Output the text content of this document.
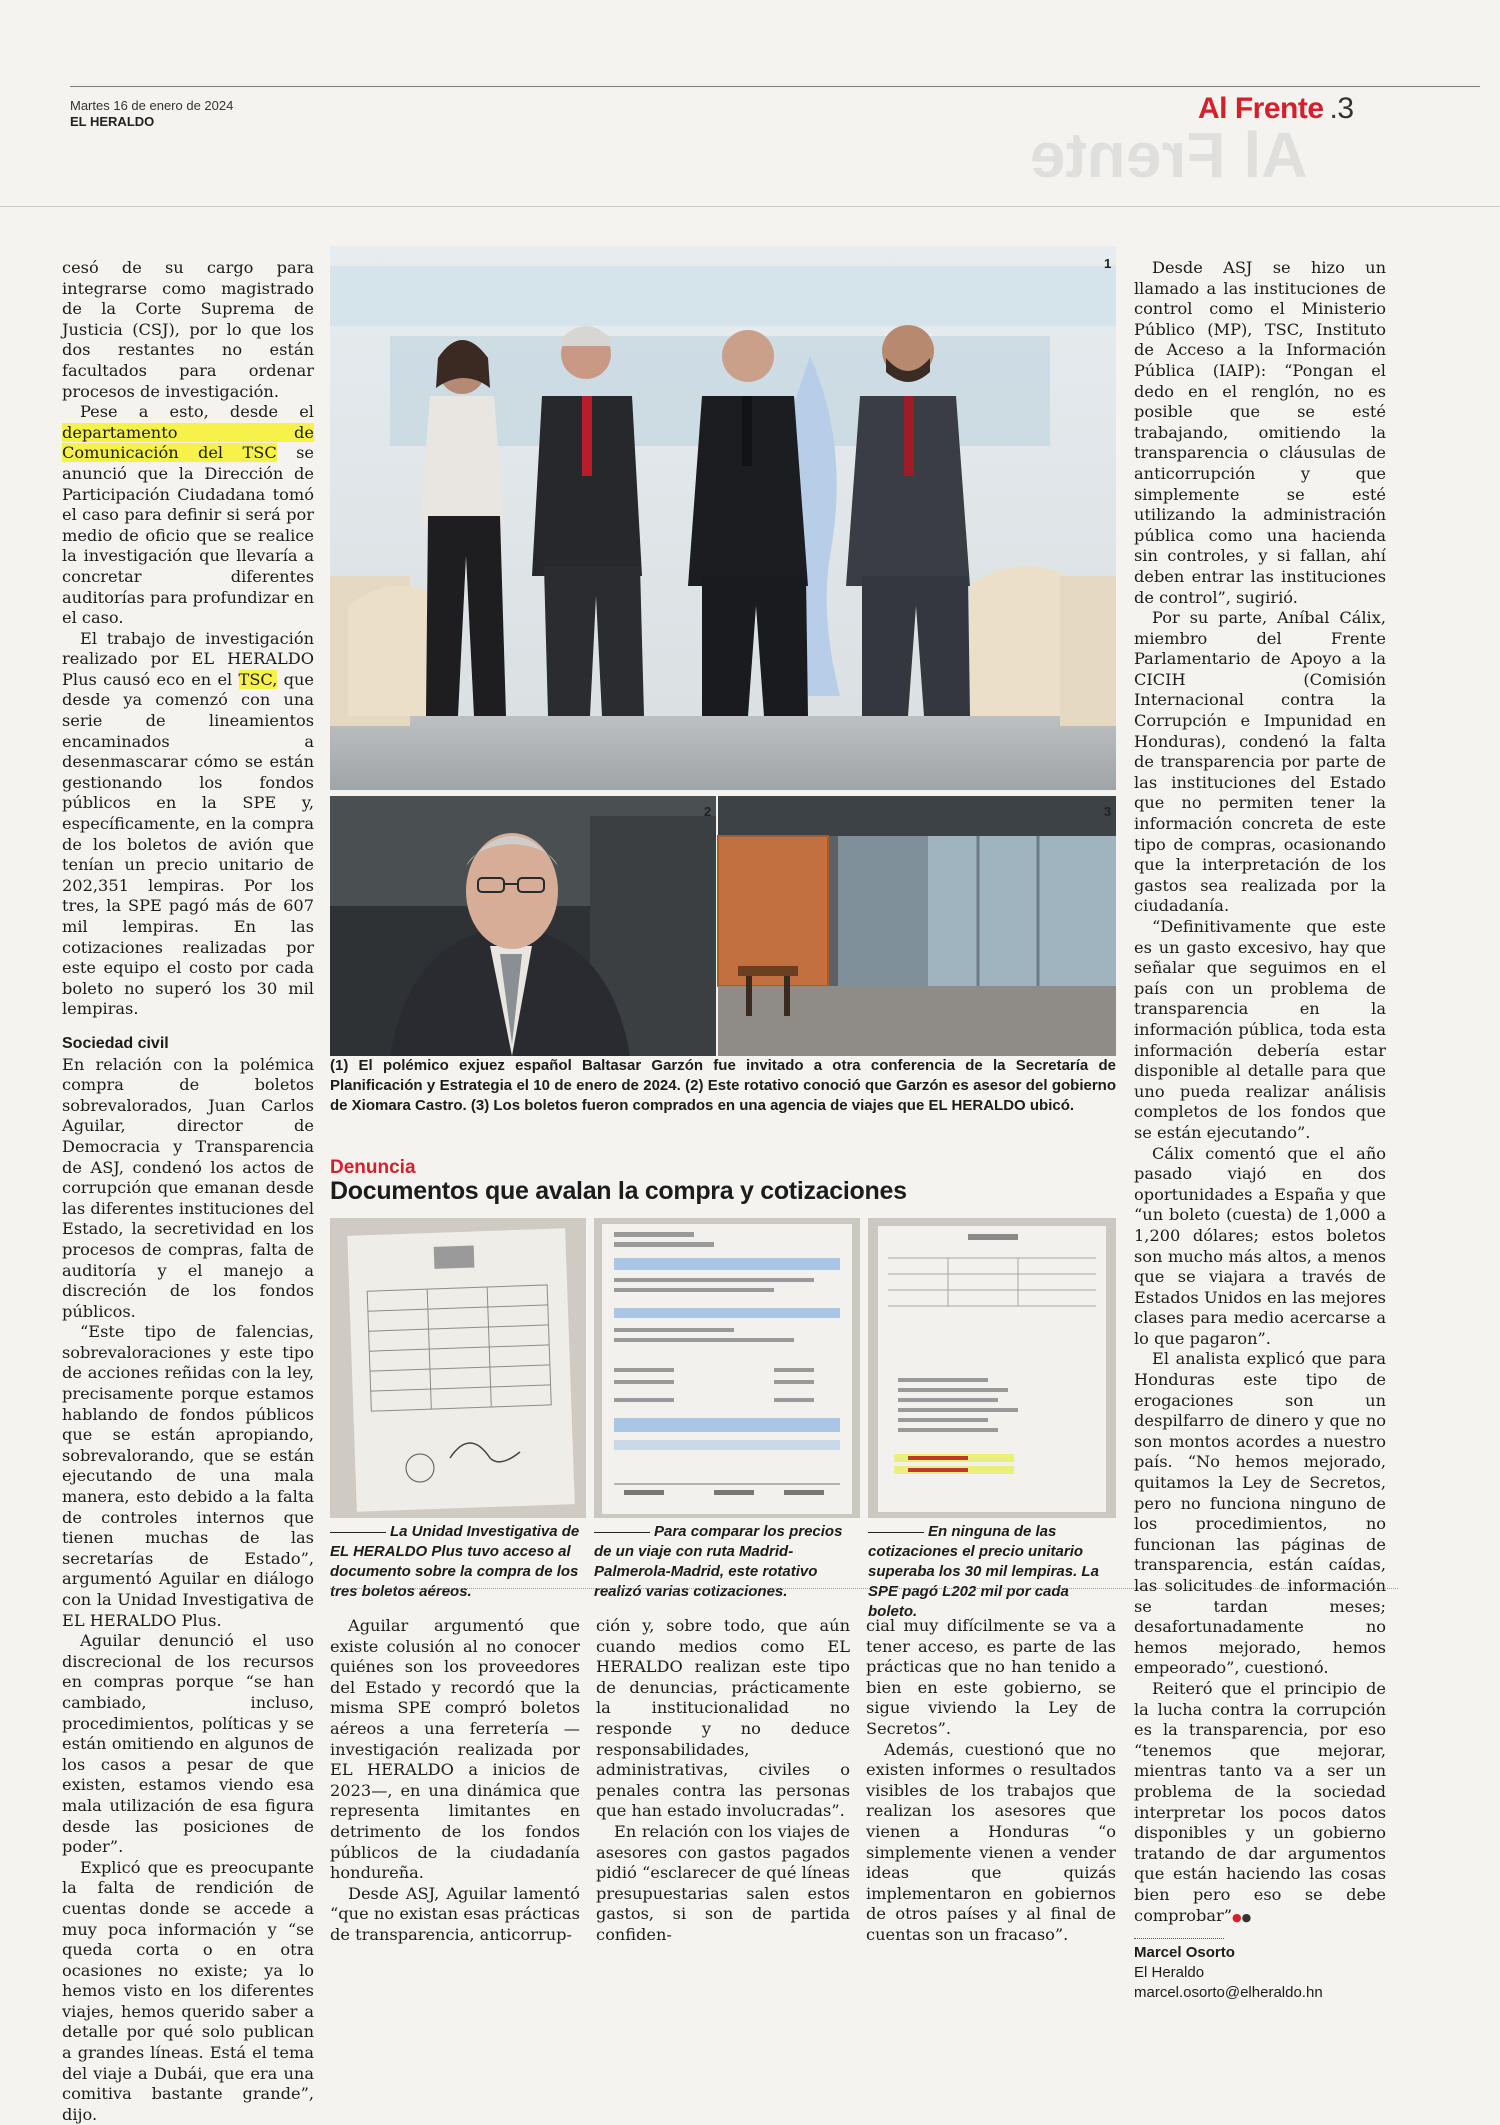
Martes 16 de enero de 2024
EL HERALDO	Al Frente
Al Frente .3

cesó de su cargo para integrarse como magistrado de la Corte Suprema de Justicia (CSJ), por lo que los dos restantes no están facultados para ordenar procesos de investigación.

Pese a esto, desde el departamento de Comunicación del TSC se anunció que la Dirección de Participación Ciudadana tomó el caso para definir si será por medio de oficio que se realice la investigación que llevaría a concretar diferentes auditorías para profundizar en el caso.

El trabajo de investigación realizado por EL HERALDO Plus causó eco en el TSC, que desde ya comenzó con una serie de lineamientos encaminados a desenmascarar cómo se están gestionando los fondos públicos en la SPE y, específicamente, en la compra de los boletos de avión que tenían un precio unitario de 202,351 lempiras. Por los tres, la SPE pagó más de 607 mil lempiras. En las cotizaciones realizadas por este equipo el costo por cada boleto no superó los 30 mil lempiras.

Sociedad civil

En relación con la polémica compra de boletos sobrevalorados, Juan Carlos Aguilar, director de Democracia y Transparencia de ASJ, condenó los actos de corrupción que emanan desde las diferentes instituciones del Estado, la secretividad en los procesos de compras, falta de auditoría y el manejo a discreción de los fondos públicos.

“Este tipo de falencias, sobrevaloraciones y este tipo de acciones reñidas con la ley, precisamente porque estamos hablando de fondos públicos que se están apropiando, sobrevalorando, que se están ejecutando de una mala manera, esto debido a la falta de controles internos que tienen muchas de las secretarías de Estado”, argumentó Aguilar en diálogo con la Unidad Investigativa de EL HERALDO Plus.

Aguilar denunció el uso discrecional de los recursos en compras porque “se han cambiado, incluso, procedimientos, políticas y se están omitiendo en algunos de los casos a pesar de que existen, estamos viendo esa mala utilización de esa figura desde las posiciones de poder”.

Explicó que es preocupante la falta de rendición de cuentas donde se accede a muy poca información y “se queda corta o en otra ocasiones no existe; ya lo hemos visto en los diferentes viajes, hemos querido saber a detalle por qué solo publican a grandes líneas. Está el tema del viaje a Dubái, que era una comitiva bastante grande”, dijo.

1
2	3
(1) El polémico exjuez español Baltasar Garzón fue invitado a otra conferencia de la Secretaría de Planificación y Estrategia el 10 de enero de 2024. (2) Este rotativo conoció que Garzón es asesor del gobierno de Xiomara Castro. (3) Los boletos fueron comprados en una agencia de viajes que EL HERALDO ubicó.
Denuncia
Documentos que avalan la compra y cotizaciones
La Unidad Investigativa de EL HERALDO Plus tuvo acceso al documento sobre la compra de los tres boletos aéreos.
Para comparar los precios de un viaje con ruta Madrid-Palmerola-Madrid, este rotativo realizó varias cotizaciones.
En ninguna de las cotizaciones el precio unitario superaba los 30 mil lempiras. La SPE pagó L202 mil por cada boleto.

Aguilar argumentó que existe colusión al no conocer quiénes son los proveedores del Estado y recordó que la misma SPE compró boletos aéreos a una ferretería —investigación realizada por EL HERALDO a inicios de 2023—, en una dinámica que representa limitantes en detrimento de los fondos públicos de la ciudadanía hondureña.

Desde ASJ, Aguilar lamentó “que no existan esas prácticas de transparencia, anticorrup-

ción y, sobre todo, que aún cuando medios como EL HERALDO realizan este tipo de denuncias, prácticamente la institucionalidad no responde y no deduce responsabilidades, administrativas, civiles o penales contra las personas que han estado involucradas”.

En relación con los viajes de asesores con gastos pagados pidió “esclarecer de qué líneas presupuestarias salen estos gastos, si son de partida confiden-

cial muy difícilmente se va a tener acceso, es parte de las prácticas que no han tenido a bien en este gobierno, se sigue viviendo la Ley de Secretos”.

Además, cuestionó que no existen informes o resultados visibles de los trabajos que realizan los asesores que vienen a Honduras “o simplemente vienen a vender ideas que quizás implementaron en gobiernos de otros países y al final de cuentas son un fracaso”.

Desde ASJ se hizo un llamado a las instituciones de control como el Ministerio Público (MP), TSC, Instituto de Acceso a la Información Pública (IAIP): “Pongan el dedo en el renglón, no es posible que se esté trabajando, omitiendo la transparencia o cláusulas de anticorrupción y que simplemente se esté utilizando la administración pública como una hacienda sin controles, y si fallan, ahí deben entrar las instituciones de control”, sugirió.

Por su parte, Aníbal Cálix, miembro del Frente Parlamentario de Apoyo a la CICIH (Comisión Internacional contra la Corrupción e Impunidad en Honduras), condenó la falta de transparencia por parte de las instituciones del Estado que no permiten tener la información concreta de este tipo de compras, ocasionando que la interpretación de los gastos sea realizada por la ciudadanía.

“Definitivamente que este es un gasto excesivo, hay que señalar que seguimos en el país con un problema de transparencia en la información pública, toda esta información debería estar disponible al detalle para que uno pueda realizar análisis completos de los fondos que se están ejecutando”.

Cálix comentó que el año pasado viajó en dos oportunidades a España y que “un boleto (cuesta) de 1,000 a 1,200 dólares; estos boletos son mucho más altos, a menos que se viajara a través de Estados Unidos en las mejores clases para medio acercarse a lo que pagaron”.

El analista explicó que para Honduras este tipo de erogaciones son un despilfarro de dinero y que no son montos acordes a nuestro país. “No hemos mejorado, quitamos la Ley de Secretos, pero no funciona ninguno de los procedimientos, no funcionan las páginas de transparencia, están caídas, las solicitudes de información se tardan meses; desafortunadamente no hemos mejorado, hemos empeorado”, cuestionó.

Reiteró que el principio de la lucha contra la corrupción es la transparencia, por eso “tenemos que mejorar, mientras tanto va a ser un problema de la sociedad interpretar los pocos datos disponibles y un gobierno tratando de dar argumentos que están haciendo las cosas bien pero eso se debe comprobar”●●

Marcel Osorto
El Heraldo
marcel.osorto@elheraldo.hn
